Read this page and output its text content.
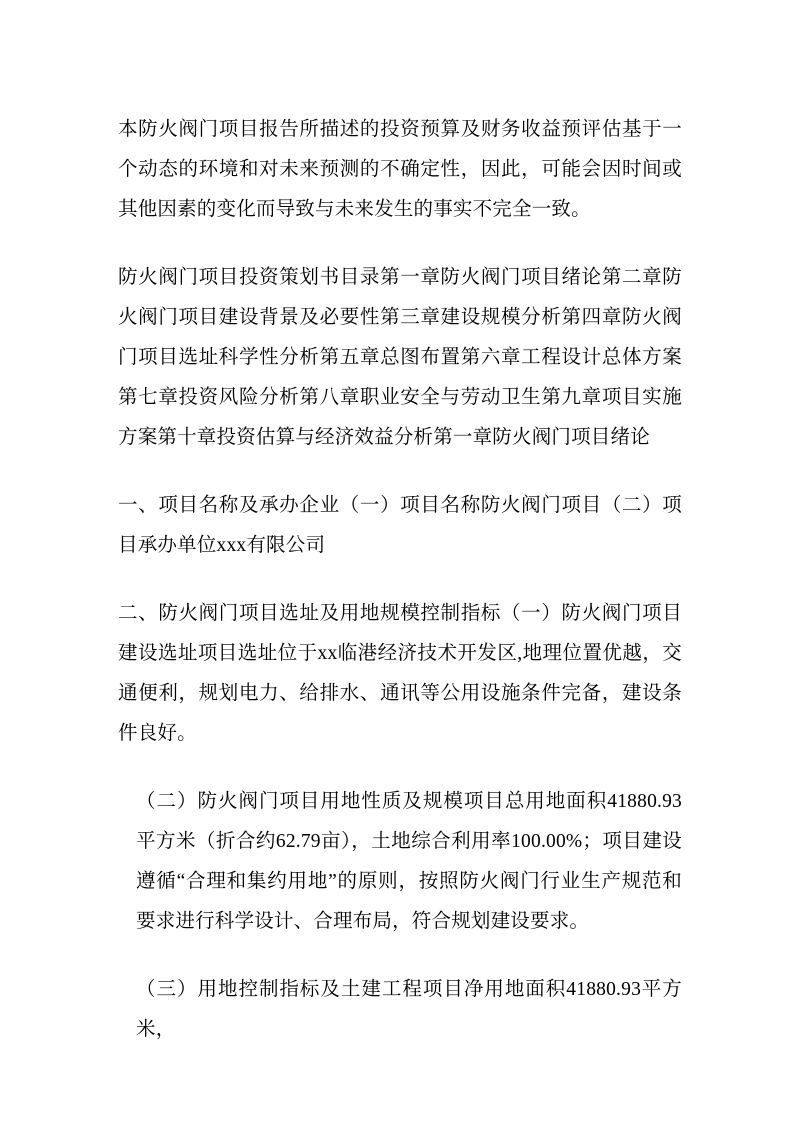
本防火阀门项目报告所描述的投资预算及财务收益预评估基于一个动态的环境和对未来预测的不确定性，因此，可能会因时间或其他因素的变化而导致与未来发生的事实不完全一致。

防火阀门项目投资策划书目录第一章防火阀门项目绪论第二章防火阀门项目建设背景及必要性第三章建设规模分析第四章防火阀门项目选址科学性分析第五章总图布置第六章工程设计总体方案第七章投资风险分析第八章职业安全与劳动卫生第九章项目实施方案第十章投资估算与经济效益分析第一章防火阀门项目绪论

一、项目名称及承办企业（一）项目名称防火阀门项目（二）项目承办单位xxx有限公司

二、防火阀门项目选址及用地规模控制指标（一）防火阀门项目建设选址项目选址位于xx临港经济技术开发区,地理位置优越，交通便利，规划电力、给排水、通讯等公用设施条件完备，建设条件良好。

（二）防火阀门项目用地性质及规模项目总用地面积41880.93平方米（折合约62.79亩），土地综合利用率100.00%；项目建设遵循“合理和集约用地”的原则，按照防火阀门行业生产规范和要求进行科学设计、合理布局，符合规划建设要求。

（三）用地控制指标及土建工程项目净用地面积41880.93平方米，
